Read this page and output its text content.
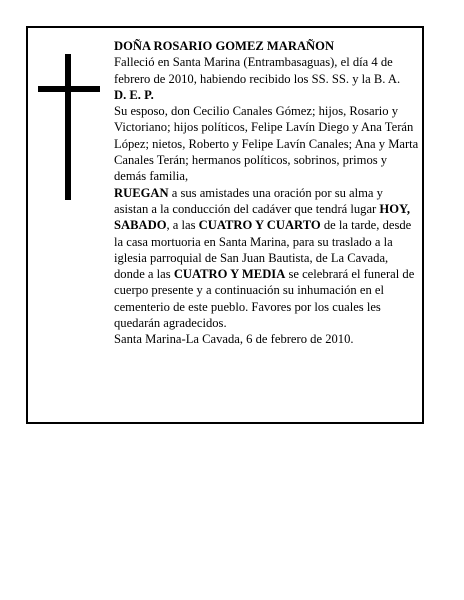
DOÑA ROSARIO GOMEZ MARAÑON

Falleció en Santa Marina (Entrambasaguas), el día 4 de febrero de 2010, habiendo recibido los SS. SS. y la B. A.

D. E. P.

Su esposo, don Cecilio Canales Gómez; hijos, Rosario y Victoriano; hijos políticos, Felipe Lavín Diego y Ana Terán López; nietos, Roberto y Felipe Lavín Canales; Ana y Marta Canales Terán; hermanos políticos, sobrinos, primos y demás familia,

RUEGAN a sus amistades una oración por su alma y asistan a la conducción del cadáver que tendrá lugar HOY, SABADO, a las CUATRO Y CUARTO de la tarde, desde la casa mortuoria en Santa Marina, para su traslado a la iglesia parroquial de San Juan Bautista, de La Cavada, donde a las CUATRO Y MEDIA se celebrará el funeral de cuerpo presente y a continuación su inhumación en el cementerio de este pueblo. Favores por los cuales les quedarán agradecidos.

Santa Marina-La Cavada, 6 de febrero de 2010.
